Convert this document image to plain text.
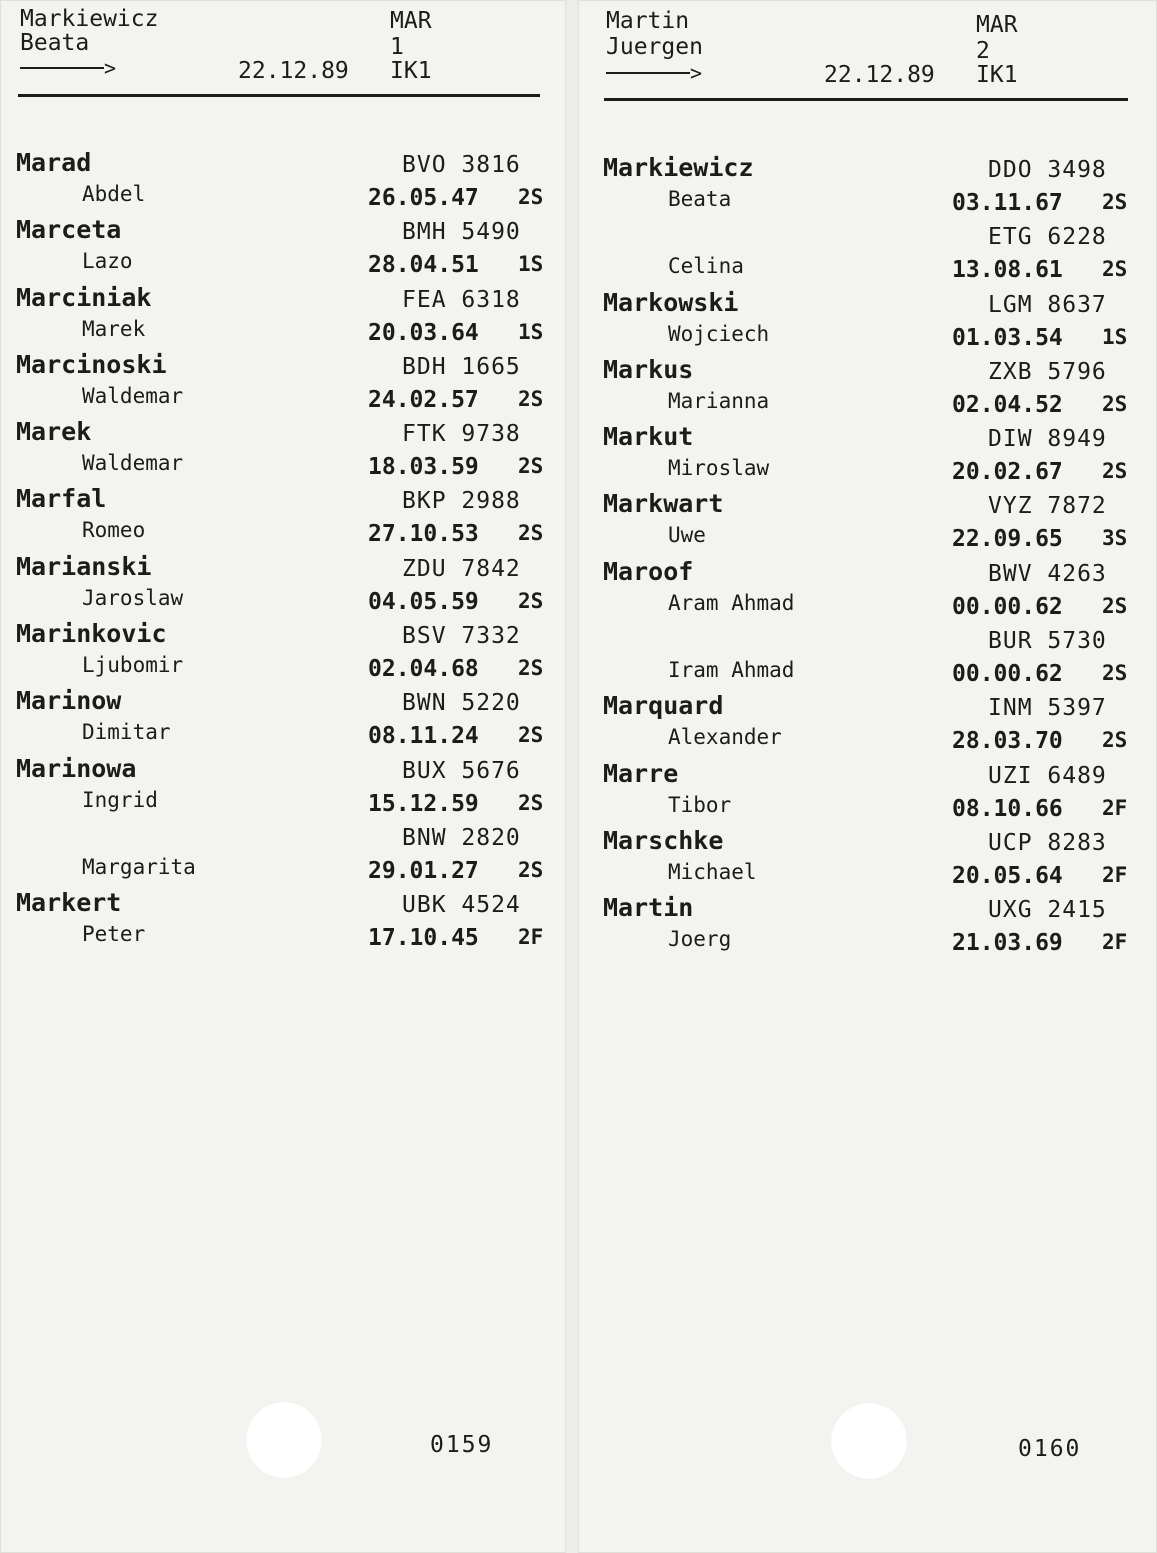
Markiewicz
Beata
>
MAR
1
22.12.89 IK1
Marad
Abdel
BVO 3816
26.05.47 2S
Marceta
Lazo
BMH 5490
28.04.51 1S
Marciniak
Marek
FEA 6318
20.03.64 1S
Marcinoski
Waldemar
BDH 1665
24.02.57 2S
Marek
Waldemar
FTK 9738
18.03.59 2S
Marfal
Romeo
BKP 2988
27.10.53 2S
Marianski
Jaroslaw
ZDU 7842
04.05.59 2S
Marinkovic
Ljubomir
BSV 7332
02.04.68 2S
Marinow
Dimitar
BWN 5220
08.11.24 2S
Marinowa
Ingrid
BUX 5676
15.12.59 2S
Margarita
BNW 2820
29.01.27 2S
Markert
Peter
UBK 4524
17.10.45 2F
0159
Martin
Juergen
>
MAR
2
22.12.89 IK1
Markiewicz
Beata
DDO 3498
03.11.67 2S
Celina
ETG 6228
13.08.61 2S
Markowski
Wojciech
LGM 8637
01.03.54 1S
Markus
Marianna
ZXB 5796
02.04.52 2S
Markut
Miroslaw
DIW 8949
20.02.67 2S
Markwart
Uwe
VYZ 7872
22.09.65 3S
Maroof
Aram Ahmad
BWV 4263
00.00.62 2S
Iram Ahmad
BUR 5730
00.00.62 2S
Marquard
Alexander
INM 5397
28.03.70 2S
Marre
Tibor
UZI 6489
08.10.66 2F
Marschke
Michael
UCP 8283
20.05.64 2F
Martin
Joerg
UXG 2415
21.03.69 2F
0160
